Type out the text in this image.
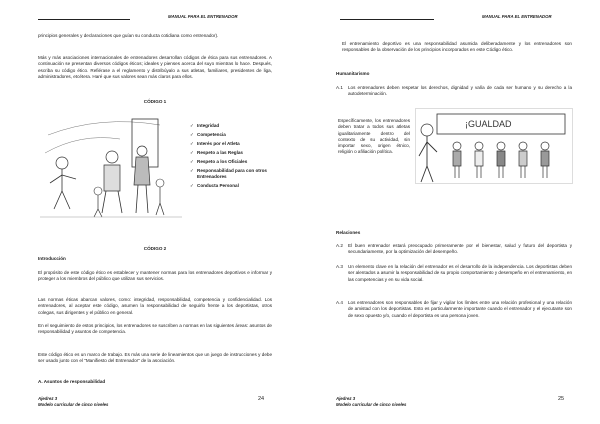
MANUAL PARA EL ENTRENADOR
principios generales y declaraciones que guían su conducta cotidiana como entrenador).
Más y más asociaciones internacionales de entrenadores desarrollan códigos de ética para sus entrenadores. A continuación se presentan diversos códigos éticos; ideales y pienses acerca del suyo mientras lo hace. Después, escriba su código ético. Refiérase a el reglamento y distribúyalo a sus atletas, familiares, presidentes de liga, administradores, etcétera. Haré que sus valores sean más claros para ellos.
CÓDIGO 1
✓ Integridad
✓ Competencia
✓ Interés por el Atleta
✓ Respeto a las Reglas
✓ Respeto a los Oficiales
✓ Responsabilidad para con otros Entrenadores
✓ Conducta Personal
CÓDIGO 2
Introducción
El propósito de este código ético es establecer y mantener normas para los entrenadores deportivos e informar y proteger a los miembros del público que utilizan sus servicios.
Las normas éticas abarcan valores, como: integridad, responsabilidad, competencia y confidencialidad. Los entrenadores, al aceptar este código, asumen la responsabilidad de seguirlo frente a los deportistas, otros colegas, sus dirigentes y el público en general.
En el seguimiento de estos principios, los entrenadores se suscriben a normas en las siguientes áreas: asuntos de responsabilidad y asuntos de competencia.
Este código ético es un marco de trabajo. Es más una serie de lineamientos que un juego de instrucciones y debe ser usado junto con el "Manifiesto del Entrenador" de la asociación.
A. Asuntos de responsabilidad
Ajedrez 3
Modelo curricular de cinco niveles
24
MANUAL PARA EL ENTRENADOR
El entrenamiento deportivo es una responsabilidad asumida deliberadamente y los entrenadores son responsables de la observación de los principios incorporados en este Código ético.
Humanitarismo
A.1 Los entrenadores deben respetar los derechos, dignidad y valía de cada ser humano y su derecho a la autodeterminación.
Específicamente, los entrenadores deben tratar a todos sus atletas igualitariamente dentro del contexto de su actividad, sin importar sexo, origen étnico, religión o afiliación política.
¡GUALDAD
Relaciones
A.2 El buen entrenador estará preocupado primeramente por el bienestar, salud y futuro del deportista y secundariamente, por la optimización del desempeño.
A.3 Un elemento clave en la relación del entrenador es el desarrollo de la independencia. Los deportistas deben ser alentados a asumir la responsabilidad de su propio comportamiento y desempeño en el entrenamiento, en las competencias y en su vida social.
A.4 Los entrenadores son responsables de fijar y vigilar los límites entre una relación profesional y una relación de amistad con los deportistas. Esto es particularmente importante cuando el entrenador y el ejecutante son de sexo opuesto y/o, cuando el deportista es una persona joven.
Ajedrez 3
Modelo curricular de cinco niveles
25
